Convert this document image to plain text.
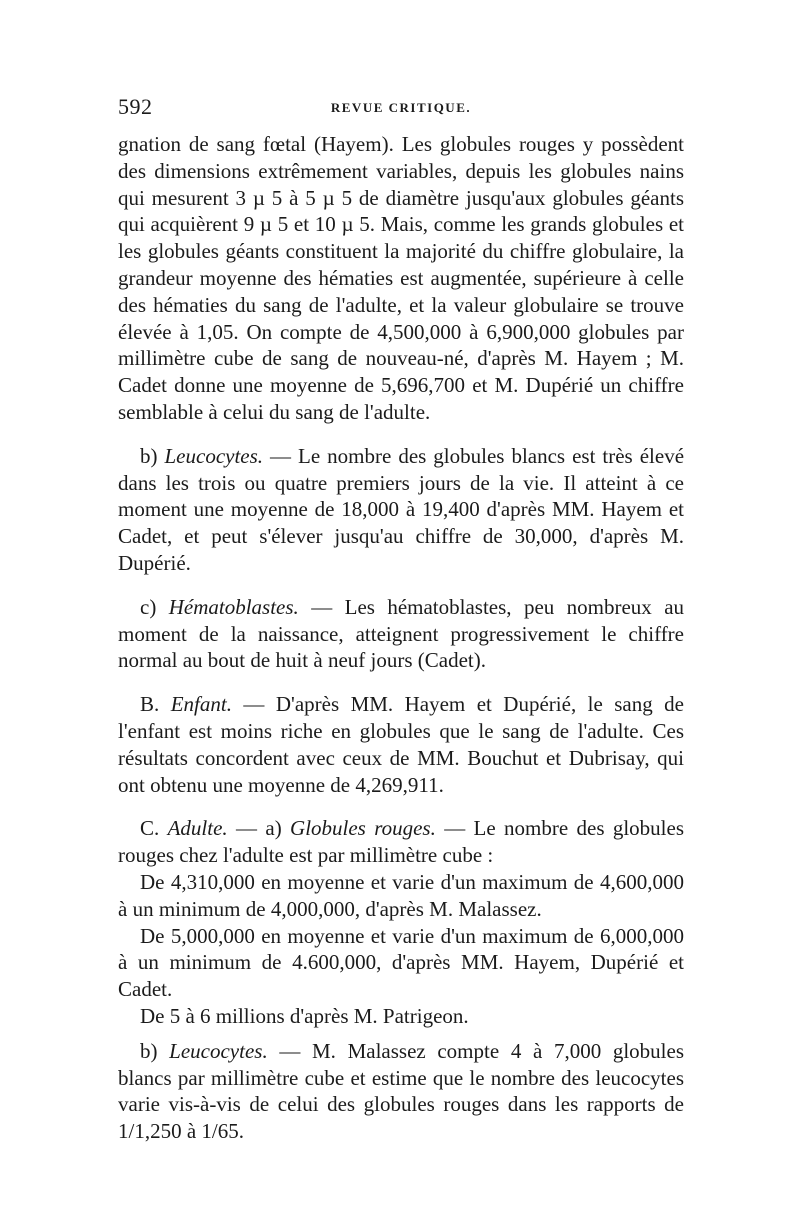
592	REVUE CRITIQUE.

gnation de sang fœtal (Hayem). Les globules rouges y possèdent des dimensions extrêmement variables, depuis les globules nains qui mesurent 3 µ 5 à 5 µ 5 de diamètre jusqu'aux globules géants qui acquièrent 9 µ 5 et 10 µ 5. Mais, comme les grands globules et les globules géants constituent la majorité du chiffre globulaire, la grandeur moyenne des hématies est augmentée, supérieure à celle des hématies du sang de l'adulte, et la valeur globulaire se trouve élevée à 1,05. On compte de 4,500,000 à 6,900,000 globules par millimètre cube de sang de nouveau-né, d'après M. Hayem ; M. Cadet donne une moyenne de 5,696,700 et M. Dupérié un chiffre semblable à celui du sang de l'adulte.

b) Leucocytes. — Le nombre des globules blancs est très élevé dans les trois ou quatre premiers jours de la vie. Il atteint à ce moment une moyenne de 18,000 à 19,400 d'après MM. Hayem et Cadet, et peut s'élever jusqu'au chiffre de 30,000, d'après M. Dupérié.

c) Hématoblastes. — Les hématoblastes, peu nombreux au moment de la naissance, atteignent progressivement le chiffre normal au bout de huit à neuf jours (Cadet).

B. Enfant. — D'après MM. Hayem et Dupérié, le sang de l'enfant est moins riche en globules que le sang de l'adulte. Ces résultats concordent avec ceux de MM. Bouchut et Dubrisay, qui ont obtenu une moyenne de 4,269,911.

C. Adulte. — a) Globules rouges. — Le nombre des globules rouges chez l'adulte est par millimètre cube :

De 4,310,000 en moyenne et varie d'un maximum de 4,600,000 à un minimum de 4,000,000, d'après M. Malassez.

De 5,000,000 en moyenne et varie d'un maximum de 6,000,000 à un minimum de 4.600,000, d'après MM. Hayem, Dupérié et Cadet.

De 5 à 6 millions d'après M. Patrigeon.

b) Leucocytes. — M. Malassez compte 4 à 7,000 globules blancs par millimètre cube et estime que le nombre des leucocytes varie vis-à-vis de celui des globules rouges dans les rapports de 1/1,250 à 1/65.
